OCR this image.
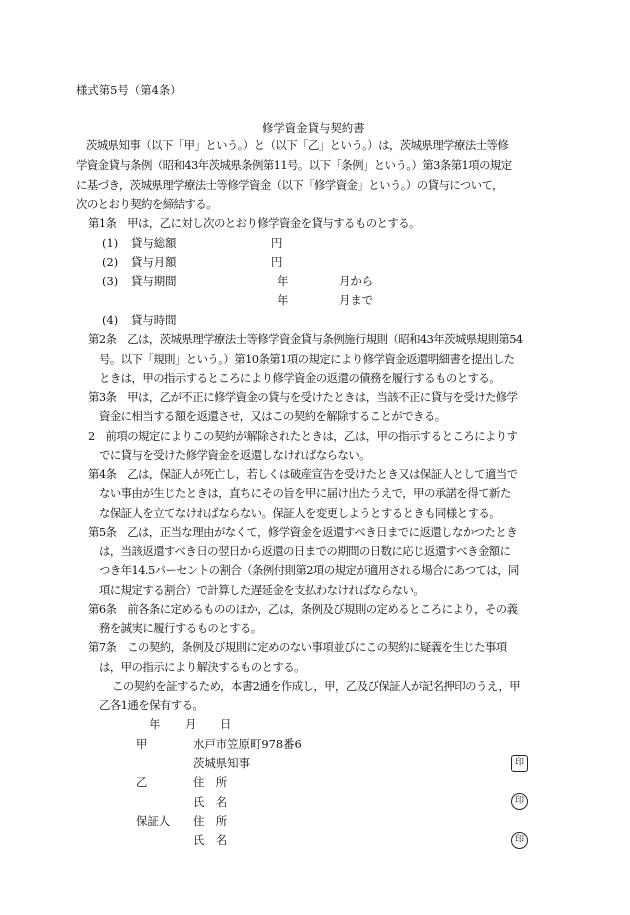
様式第5号（第4条）
修学資金貸与契約書
茨城県知事（以下「甲」という。）と（以下「乙」という。）は，茨城県理学療法士等修
学資金貸与条例（昭和43年茨城県条例第11号。以下「条例」という。）第3条第1項の規定
に基づき，茨城県理学療法士等修学資金（以下「修学資金」という。）の貸与について，
次のとおり契約を締結する。
第1条　甲は，乙に対し次のとおり修学資金を貸与するものとする。
(1) 貸与総額	円
(2) 貸与月額	円
(3) 貸与期間	年	月から
年	月まで
(4) 貸与時間
第2条　乙は，茨城県理学療法士等修学資金貸与条例施行規則（昭和43年茨城県規則第54
号。以下「規則」という。）第10条第1項の規定により修学資金返還明細書を提出した
ときは，甲の指示するところにより修学資金の返還の債務を履行するものとする。
第3条　甲は，乙が不正に修学資金の貸与を受けたときは，当該不正に貸与を受けた修学
資金に相当する額を返還させ，又はこの契約を解除することができる。
2　前項の規定によりこの契約が解除されたときは，乙は，甲の指示するところによりす
でに貸与を受けた修学資金を返還しなければならない。
第4条　乙は，保証人が死亡し，若しくは破産宣告を受けたとき又は保証人として適当で
ない事由が生じたときは，直ちにその旨を甲に届け出たうえで，甲の承諾を得て新た
な保証人を立てなければならない。保証人を変更しようとするときも同様とする。
第5条　乙は，正当な理由がなくて，修学資金を返還すべき日までに返還しなかつたとき
は，当該返還すべき日の翌日から返還の日までの期間の日数に応じ返還すべき金額に
つき年14.5パーセントの割合（条例付則第2項の規定が適用される場合にあつては，同
項に規定する割合）で計算した遅延金を支払わなければならない。
第6条　前各条に定めるもののほか，乙は，条例及び規則の定めるところにより，その義
務を誠実に履行するものとする。
第7条　この契約，条例及び規則に定めのない事項並びにこの契約に疑義を生じた事項
は，甲の指示により解決するものとする。
この契約を証するため，本書2通を作成し，甲，乙及び保証人が記名押印のうえ，甲
乙各1通を保有する。
年 月 日
甲	水戸市笠原町978番6
茨城県知事	印
乙	住　所
氏　名	印
保証人 住　所
氏　名	印
